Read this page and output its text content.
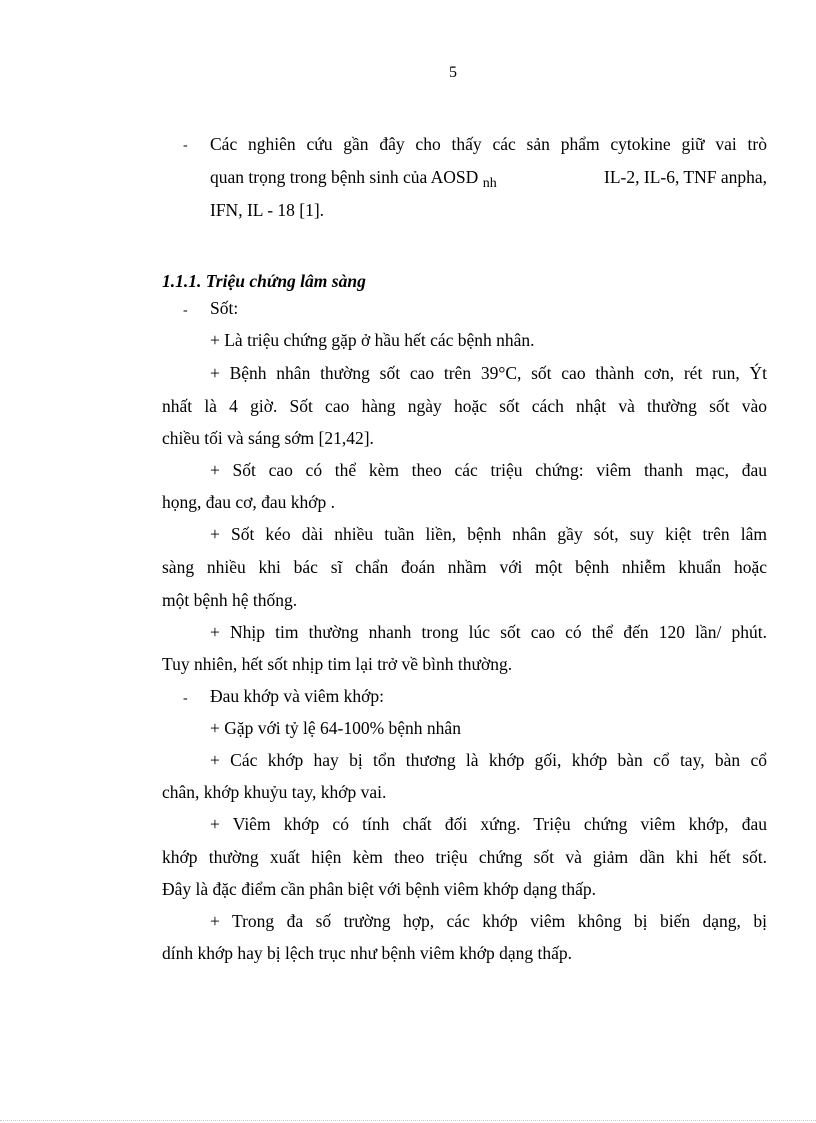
5
- Các nghiên cứu gần đây cho thấy các sản phẩm cytokine giữ vai trò
quan trọng trong bệnh sinh của AOSD $_{nh}$	IL-2, IL-6, TNF anpha,
IFN, IL - 18 [1].
1.1.1. Triệu chứng lâm sàng
- Sốt:
+ Là triệu chứng gặp ở hầu hết các bệnh nhân.
+ Bệnh nhân thường sốt cao trên 39°C, sốt cao thành cơn, rét run, Ýt
nhất là 4 giờ. Sốt cao hàng ngày hoặc sốt cách nhật và thường sốt vào
chiều tối và sáng sớm [21,42].
+ Sốt cao có thể kèm theo các triệu chứng: viêm thanh mạc, đau
họng, đau cơ, đau khớp .
+ Sốt kéo dài nhiều tuần liền, bệnh nhân gầy sót, suy kiệt trên lâm
sàng nhiều khi bác sĩ chẩn đoán nhầm với một bệnh nhiễm khuẩn hoặc
một bệnh hệ thống.
+ Nhịp tim thường nhanh trong lúc sốt cao có thể đến 120 lần/ phút.
Tuy nhiên, hết sốt nhịp tim lại trở về bình thường.
- Đau khớp và viêm khớp:
+ Gặp với tỷ lệ 64-100% bệnh nhân
+ Các khớp hay bị tổn thương là khớp gối, khớp bàn cổ tay, bàn cổ
chân, khớp khuỷu tay, khớp vai.
+ Viêm khớp có tính chất đối xứng. Triệu chứng viêm khớp, đau
khớp thường xuất hiện kèm theo triệu chứng sốt và giảm dần khi hết sốt.
Đây là đặc điểm cần phân biệt với bệnh viêm khớp dạng thấp.
+ Trong đa số trường hợp, các khớp viêm không bị biến dạng, bị
dính khớp hay bị lệch trục như bệnh viêm khớp dạng thấp.
